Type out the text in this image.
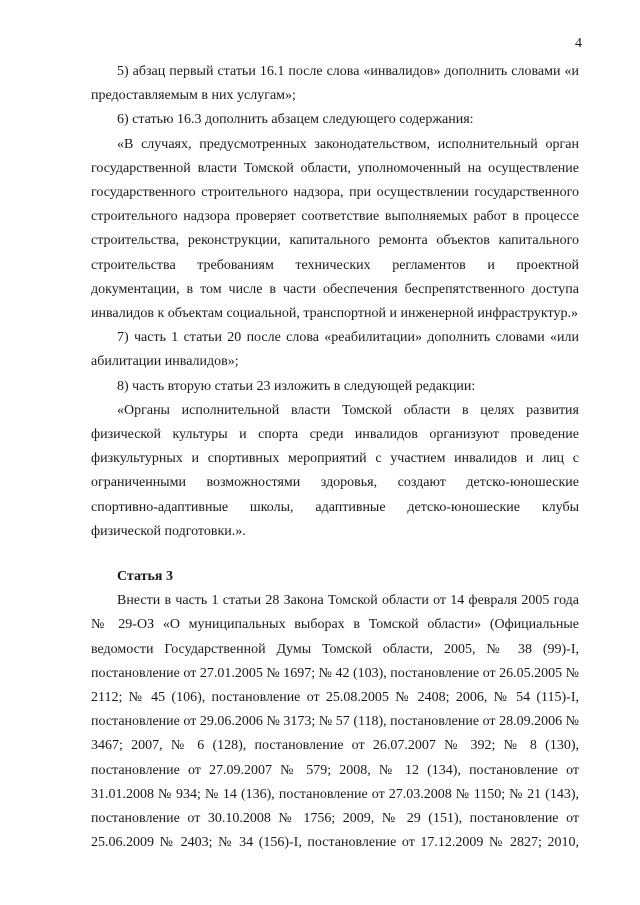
4

5) абзац первый статьи 16.1 после слова «инвалидов» дополнить словами «и предоставляемым в них услугам»;

6) статью 16.3 дополнить абзацем следующего содержания:

«В случаях, предусмотренных законодательством, исполнительный орган государственной власти Томской области, уполномоченный на осуществление государственного строительного надзора, при осуществлении государственного строительного надзора проверяет соответствие выполняемых работ в процессе строительства, реконструкции, капитального ремонта объектов капитального строительства требованиям технических регламентов и проектной документации, в том числе в части обеспечения беспрепятственного доступа инвалидов к объектам социальной, транспортной и инженерной инфраструктур.»

7) часть 1 статьи 20 после слова «реабилитации» дополнить словами «или абилитации инвалидов»;

8) часть вторую статьи 23 изложить в следующей редакции:

«Органы исполнительной власти Томской области в целях развития физической культуры и спорта среди инвалидов организуют проведение физкультурных и спортивных мероприятий с участием инвалидов и лиц с ограниченными возможностями здоровья, создают детско-юношеские спортивно-адаптивные школы, адаптивные детско-юношеские клубы физической подготовки.».

Статья 3

Внести в часть 1 статьи 28 Закона Томской области от 14 февраля 2005 года № 29-ОЗ «О муниципальных выборах в Томской области» (Официальные ведомости Государственной Думы Томской области, 2005, № 38 (99)-I, постановление от 27.01.2005 № 1697; № 42 (103), постановление от 26.05.2005 № 2112; № 45 (106), постановление от 25.08.2005 № 2408; 2006, № 54 (115)-I, постановление от 29.06.2006 № 3173; № 57 (118), постановление от 28.09.2006 № 3467; 2007, № 6 (128), постановление от 26.07.2007 № 392; № 8 (130), постановление от 27.09.2007 № 579; 2008, № 12 (134), постановление от 31.01.2008 № 934; № 14 (136), постановление от 27.03.2008 № 1150; № 21 (143), постановление от 30.10.2008 № 1756; 2009, № 29 (151), постановление от 25.06.2009 № 2403; № 34 (156)-I, постановление от 17.12.2009 № 2827; 2010,
